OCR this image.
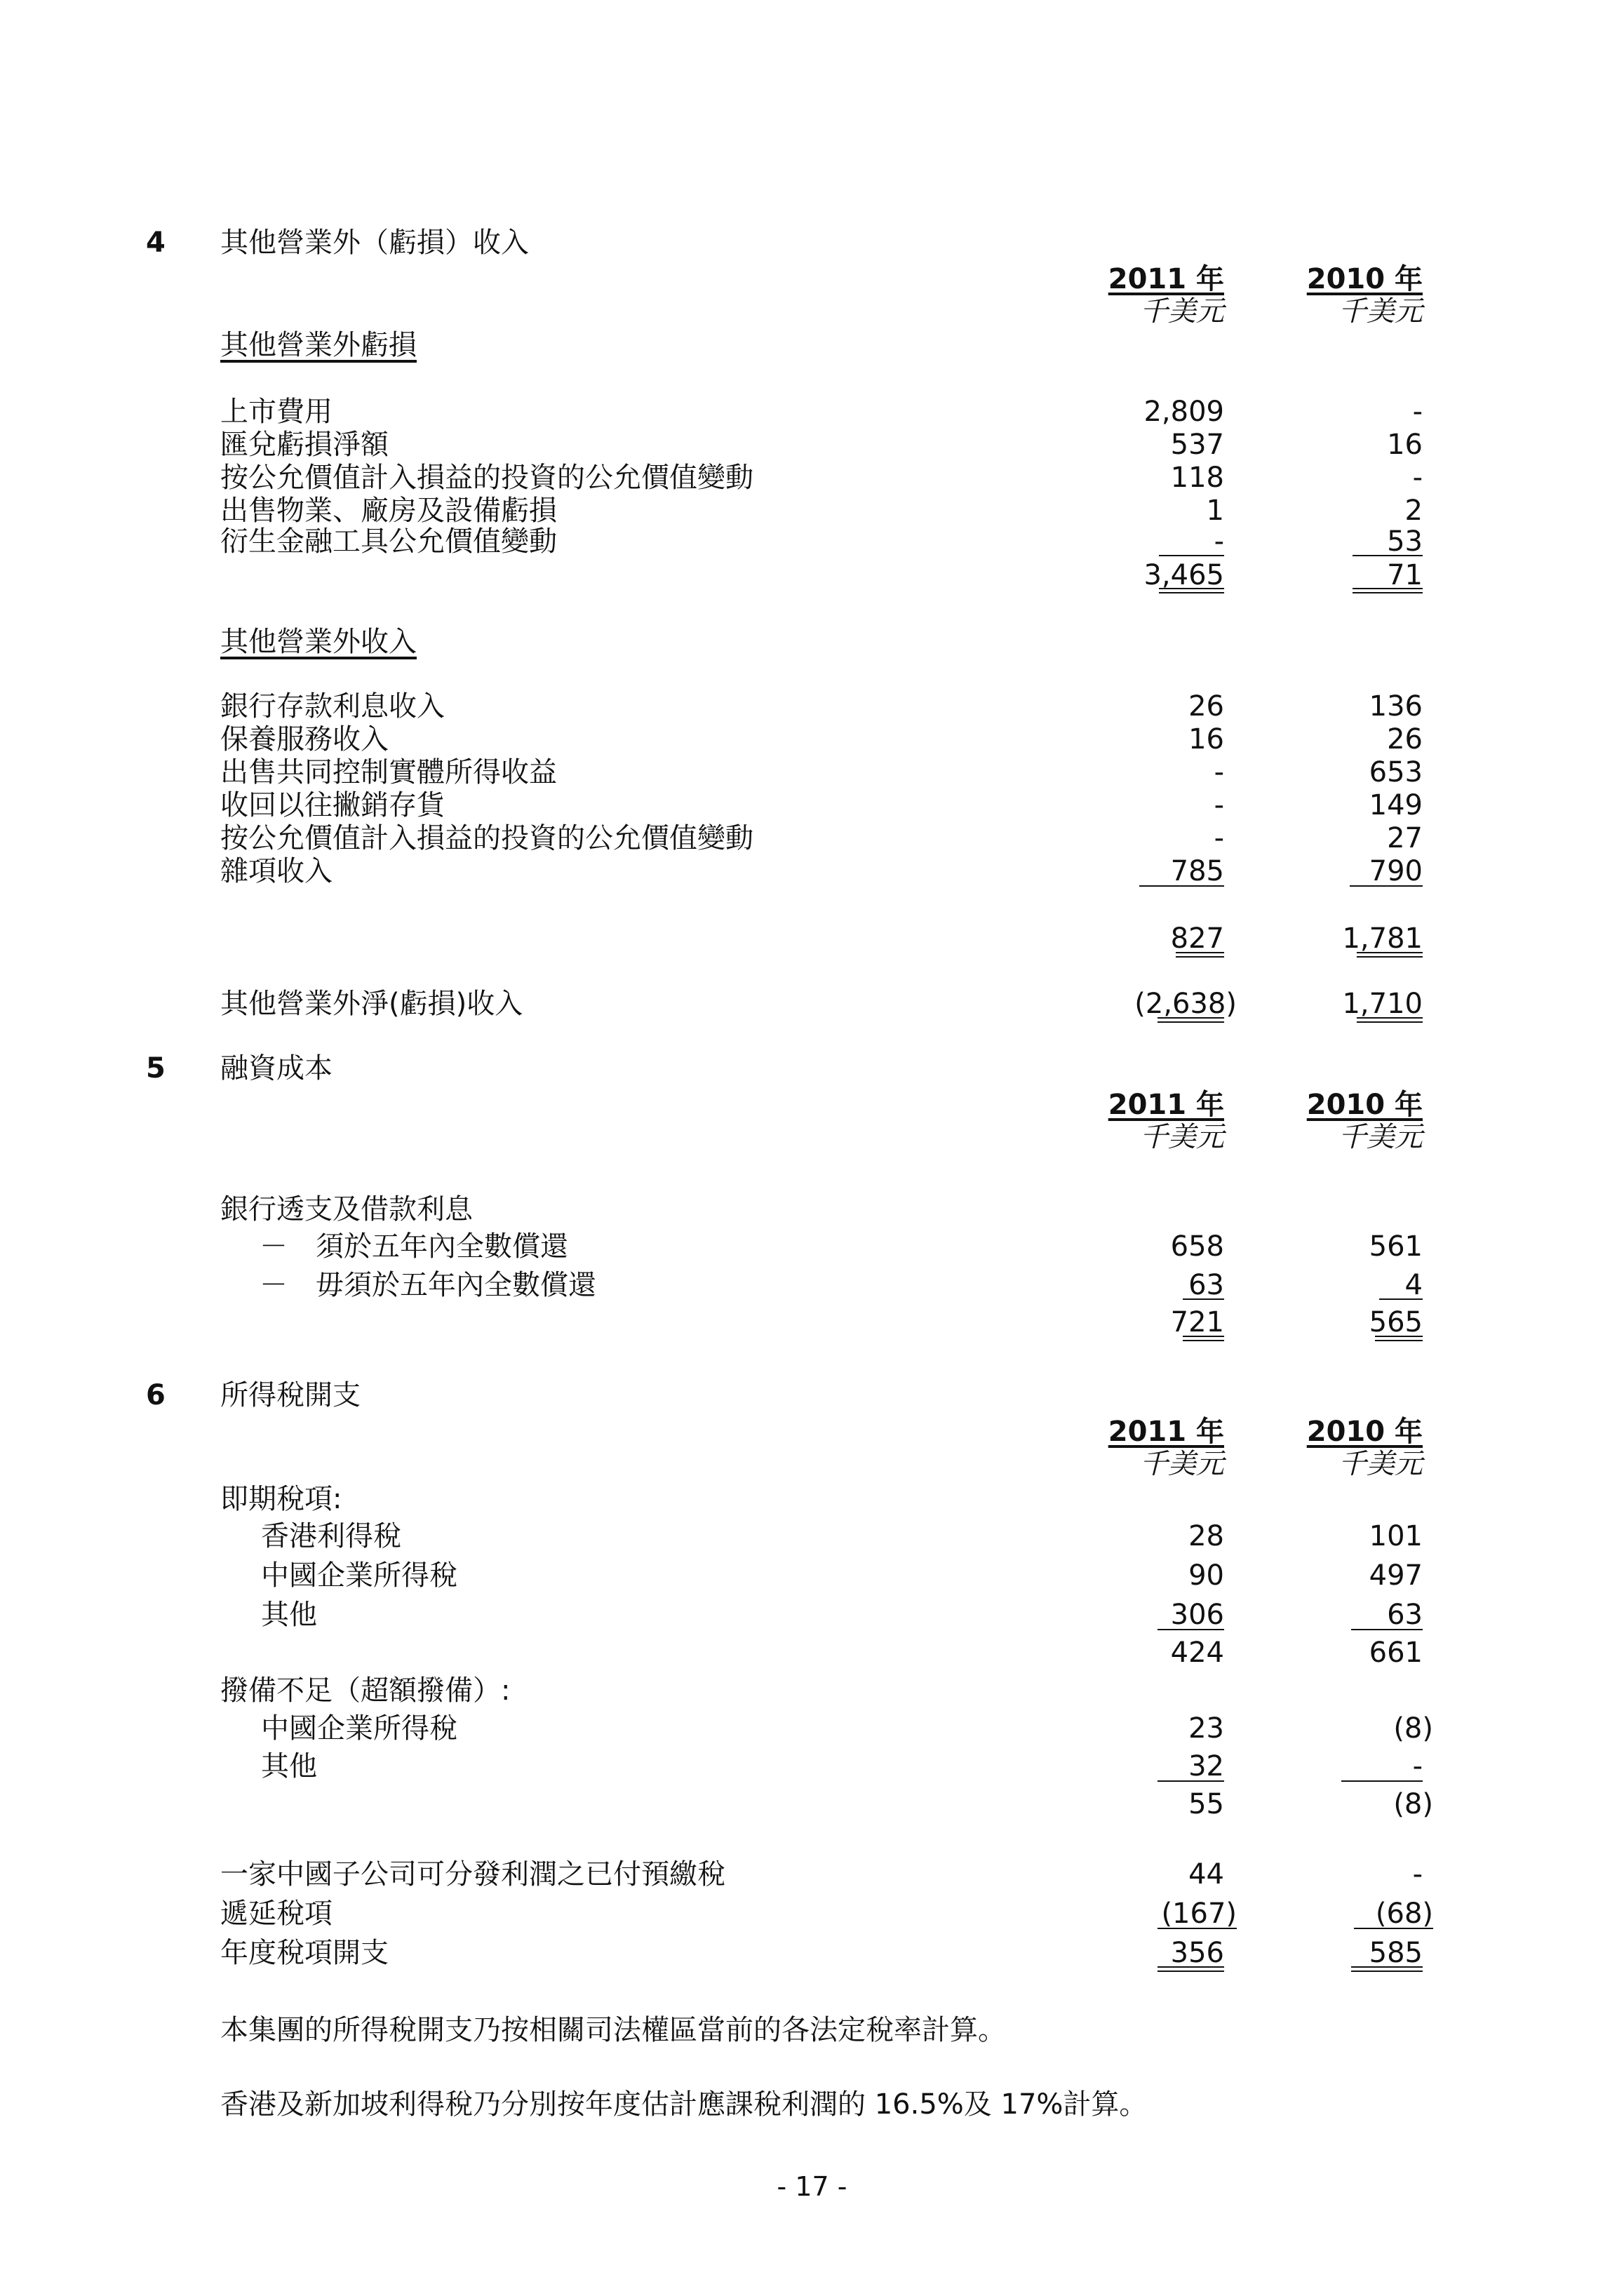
4 其他營業外（虧損）收入
2011 年	2010 年
千美元	千美元
其他營業外虧損
上市費用	2,809	-
匯兌虧損淨額	537	16
按公允價值計入損益的投資的公允價值變動	118	-
出售物業、廠房及設備虧損	1	2
衍生金融工具公允價值變動	-	53
3,465	71
其他營業外收入
銀行存款利息收入	26	136
保養服務收入	16	26
出售共同控制實體所得收益	-	653
收回以往撇銷存貨	-	149
按公允價值計入損益的投資的公允價值變動	-	27
雜項收入	785	790
827	1,781
其他營業外淨(虧損)收入	(2,638)	1,710
5 融資成本
2011 年	2010 年
千美元	千美元
銀行透支及借款利息
－　須於五年內全數償還	658	561
－　毋須於五年內全數償還	63	4
721	565
6 所得稅開支
2011 年	2010 年
千美元	千美元
即期稅項:
香港利得稅	28	101
中國企業所得稅	90	497
其他	306	63
424	661
撥備不足（超額撥備）:
中國企業所得稅	23	(8)
其他	32	-
55	(8)
一家中國子公司可分發利潤之已付預繳稅	44	-
遞延稅項	(167)	(68)
年度稅項開支	356	585
本集團的所得稅開支乃按相關司法權區當前的各法定稅率計算。
香港及新加坡利得稅乃分別按年度估計應課稅利潤的 16.5%及 17%計算。
- 17 -
